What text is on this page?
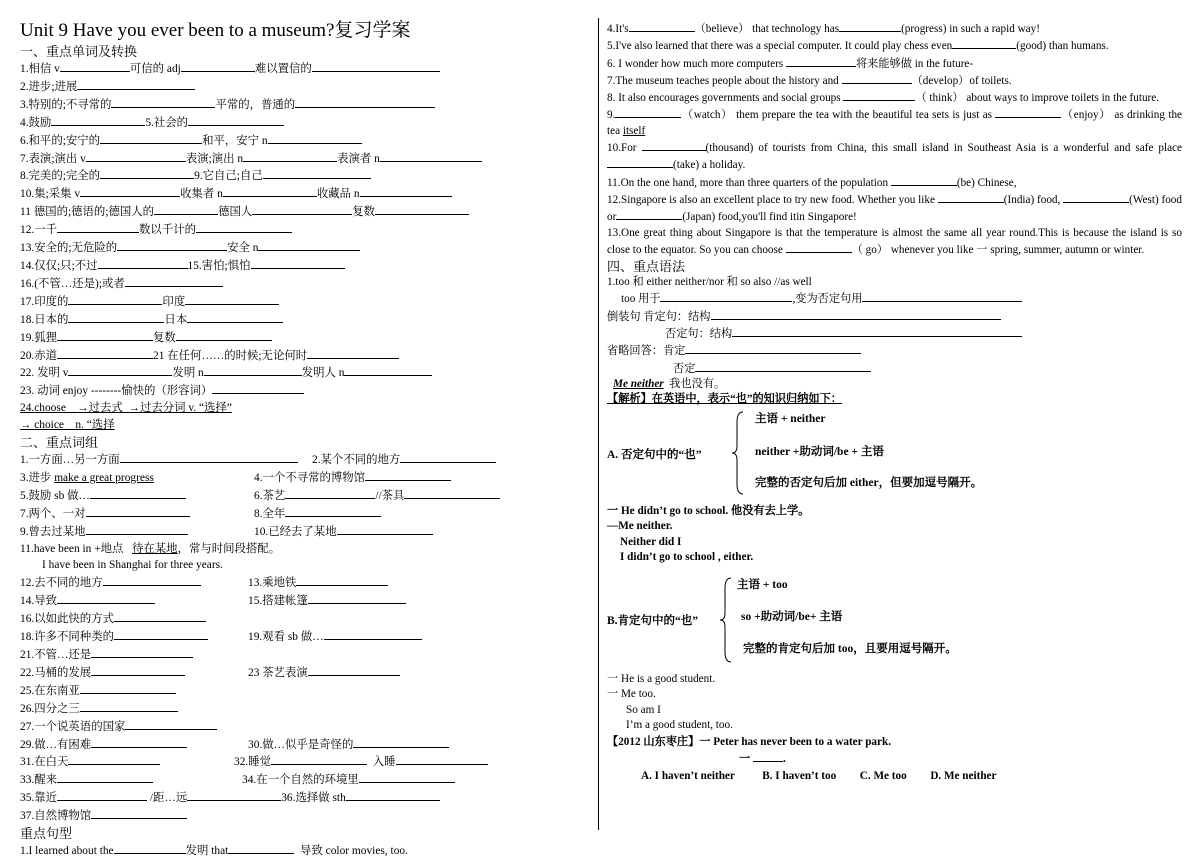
Unit 9 Have you ever been to a museum?复习学案
一、重点单词及转换
1.相信 v	可信的 adj	难以置信的
2.进步;进展
3.特别的;不寻常的	平常的，普通的
4.鼓励	5.社会的
6.和平的;安宁的	和平，安宁 n
7.表演;演出 v	表演;演出 n	表演者 n
8.完美的;完全的	9.它自己;自己
10.集;采集 v	收集者 n	收藏品 n
11 德国的;德语的;德国人的	德国人	复数
12.一千	数以千计的
13.安全的;无危险的	安全 n
14.仅仅;只;不过	15.害怕;惧怕
16.(不管…还是);或者
17.印度的	印度
18.日本的	日本
19.狐狸	复数
20.赤道	21 在任何……的时候;无论何时
22. 发明 v	发明 n	发明人 n
23. 动词 enjoy --------愉快的（形容词）
24.choose →过去式 →过去分词 v. “选择”
→ choice n. “选择
二、重点词组
1.一方面…另一方面	2.某个不同的地方
3.进步 make a great progress	4.一个不寻常的博物馆
5.鼓励 sb 做…	6.茶艺	//茶具
7.两个、一对	8.全年
9.曾去过某地	10.已经去了某地
11.have been in +地点 待在某地，常与时间段搭配。
I have been in Shanghai for three years.
12.去不同的地方	13.乘地铁
14.导致	15.搭建帐篷
16.以如此快的方式
18.许多不同种类的	19.观看 sb 做…
21.不管…还是
22.马桶的发展	23 茶艺表演
25.在东南亚
26.四分之三
27.一个说英语的国家
29.做…有困难	30.做…似乎是奇怪的
31.在白天	32.睡觉	入睡
33.醒来	34.在一个自然的环境里
35.靠近	/距…远	36.选择做 sth
37.自然博物馆
重点句型
1.I learned about the	发明 that	导致 color movies, too.
4.It's	（believe） that technology has	(progress) in such a rapid way!
5.I've also learned that there was a special computer. It could play chess even	(good) than humans.
6. I wonder how much more computers	将来能够做 in the future-
7.The museum teaches people about the history and	（develop）of toilets.
8. It also encourages governments and social groups	（ think） about ways to improve toilets in the future.
9.	（watch） them prepare the tea with the beautiful tea sets is just as	（enjoy） as drinking the tea itself
10.For	(thousand) of tourists from China, this small island in Southeast Asia is a wonderful and safe place(take) a holiday.
11.On the one hand, more than three quarters of the population	(be) Chinese,
12.Singapore is also an excellent place to try new food. Whether you like	(India) food,	(West) food or	(Japan) food,you'll find itin Singapore!
13.One great thing about Singapore is that the temperature is almost the same all year round.This is because the island is so close to the equator. So you can choose	（ go） whenever you like 一 spring, summer, autumn or winter.
四、重点语法
1.too 和 either neither/nor 和 so also //as well
too 用于	,变为否定句用
倒装句 肯定句：结构
否定句：结构
省略回答：肯定
否定
Me neither 我也没有。
【解析】在英语中，表示“也”的知识归纳如下：
A. 否定句中的“也”
主语 + neither
neither +助动词/be + 主语
完整的否定句后加 either，但要加逗号隔开。
一 He didn’t go to school. 他没有去上学。
—Me neither.
Neither did I
I didn’t go to school , either.
B.肯定句中的“也”
主语 + too
so +助动词/be+ 主语
完整的肯定句后加 too，且要用逗号隔开。
一 He is a good student.
一 Me too.
So am I
I’m a good student, too.
【2012 山东枣庄】一 Peter has never been to a water park.
一	.
A. I haven’t neither B. I haven’t too C. Me too D. Me neither
